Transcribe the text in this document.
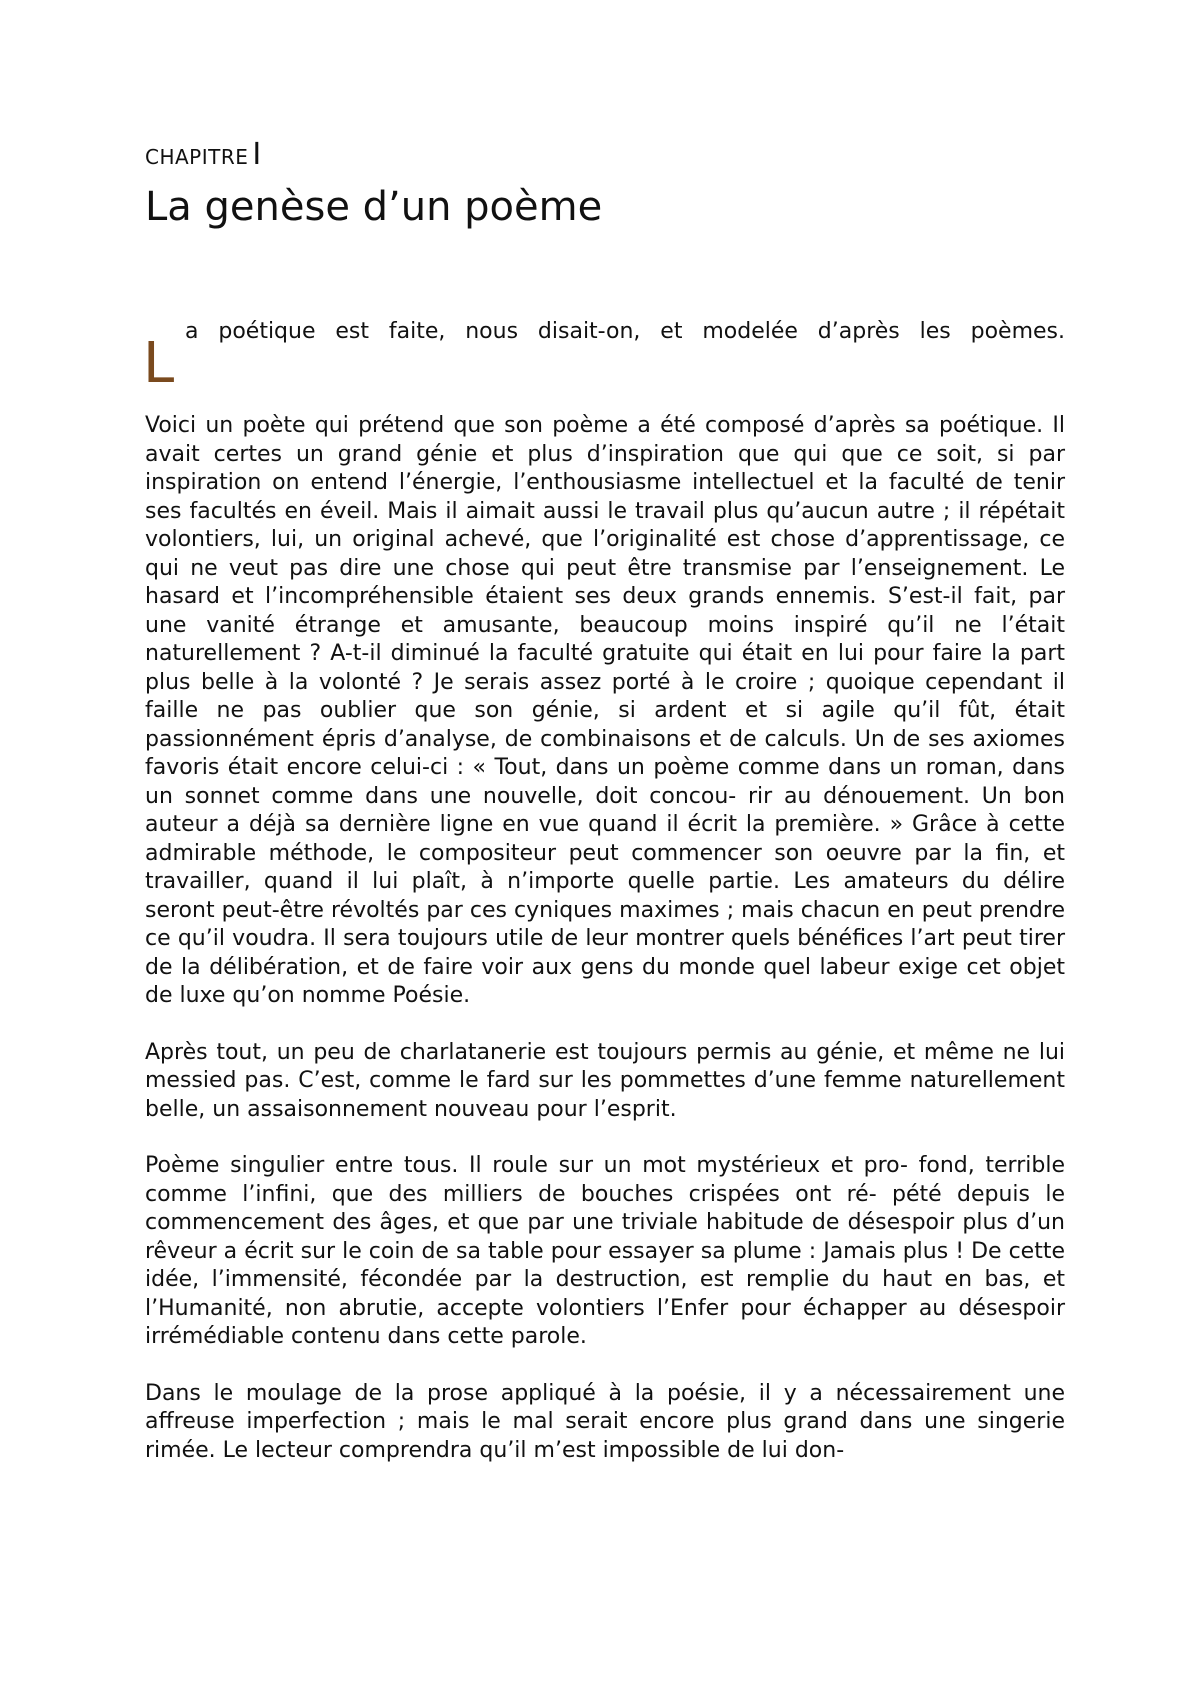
CHAPITRE I
La genèse d’un poème
L a poétique est faite, nous disait-on, et modelée d’après les poèmes.

Voici un poète qui prétend que son poème a été composé d’après sa poétique. Il avait certes un grand génie et plus d’inspiration que qui que ce soit, si par inspiration on entend l’énergie, l’enthousiasme intellectuel et la faculté de tenir ses facultés en éveil. Mais il aimait aussi le travail plus qu’aucun autre ; il répétait volontiers, lui, un original achevé, que l’originalité est chose d’apprentissage, ce qui ne veut pas dire une chose qui peut être transmise par l’enseignement. Le hasard et l’incompréhensible étaient ses deux grands ennemis. S’est-il fait, par une vanité étrange et amusante, beaucoup moins inspiré qu’il ne l’était naturellement ? A-t-il diminué la faculté gratuite qui était en lui pour faire la part plus belle à la volonté ? Je serais assez porté à le croire ; quoique cependant il faille ne pas oublier que son génie, si ardent et si agile qu’il fût, était passionnément épris d’analyse, de combinaisons et de calculs. Un de ses axiomes favoris était encore celui-ci : « Tout, dans un poème comme dans un roman, dans un sonnet comme dans une nouvelle, doit concou- rir au dénouement. Un bon auteur a déjà sa dernière ligne en vue quand il écrit la première. » Grâce à cette admirable méthode, le compositeur peut commencer son oeuvre par la fin, et travailler, quand il lui plaît, à n’importe quelle partie. Les amateurs du délire seront peut-être révoltés par ces cyniques maximes ; mais chacun en peut prendre ce qu’il voudra. Il sera toujours utile de leur montrer quels bénéfices l’art peut tirer de la délibération, et de faire voir aux gens du monde quel labeur exige cet objet de luxe qu’on nomme Poésie.

Après tout, un peu de charlatanerie est toujours permis au génie, et même ne lui messied pas. C’est, comme le fard sur les pommettes d’une femme naturellement belle, un assaisonnement nouveau pour l’esprit.

Poème singulier entre tous. Il roule sur un mot mystérieux et pro- fond, terrible comme l’infini, que des milliers de bouches crispées ont ré- pété depuis le commencement des âges, et que par une triviale habitude de désespoir plus d’un rêveur a écrit sur le coin de sa table pour essayer sa plume : Jamais plus ! De cette idée, l’immensité, fécondée par la destruction, est remplie du haut en bas, et l’Humanité, non abrutie, accepte volontiers l’Enfer pour échapper au désespoir irrémédiable contenu dans cette parole.

Dans le moulage de la prose appliqué à la poésie, il y a nécessairement une affreuse imperfection ; mais le mal serait encore plus grand dans une singerie rimée. Le lecteur comprendra qu’il m’est impossible de lui don-
